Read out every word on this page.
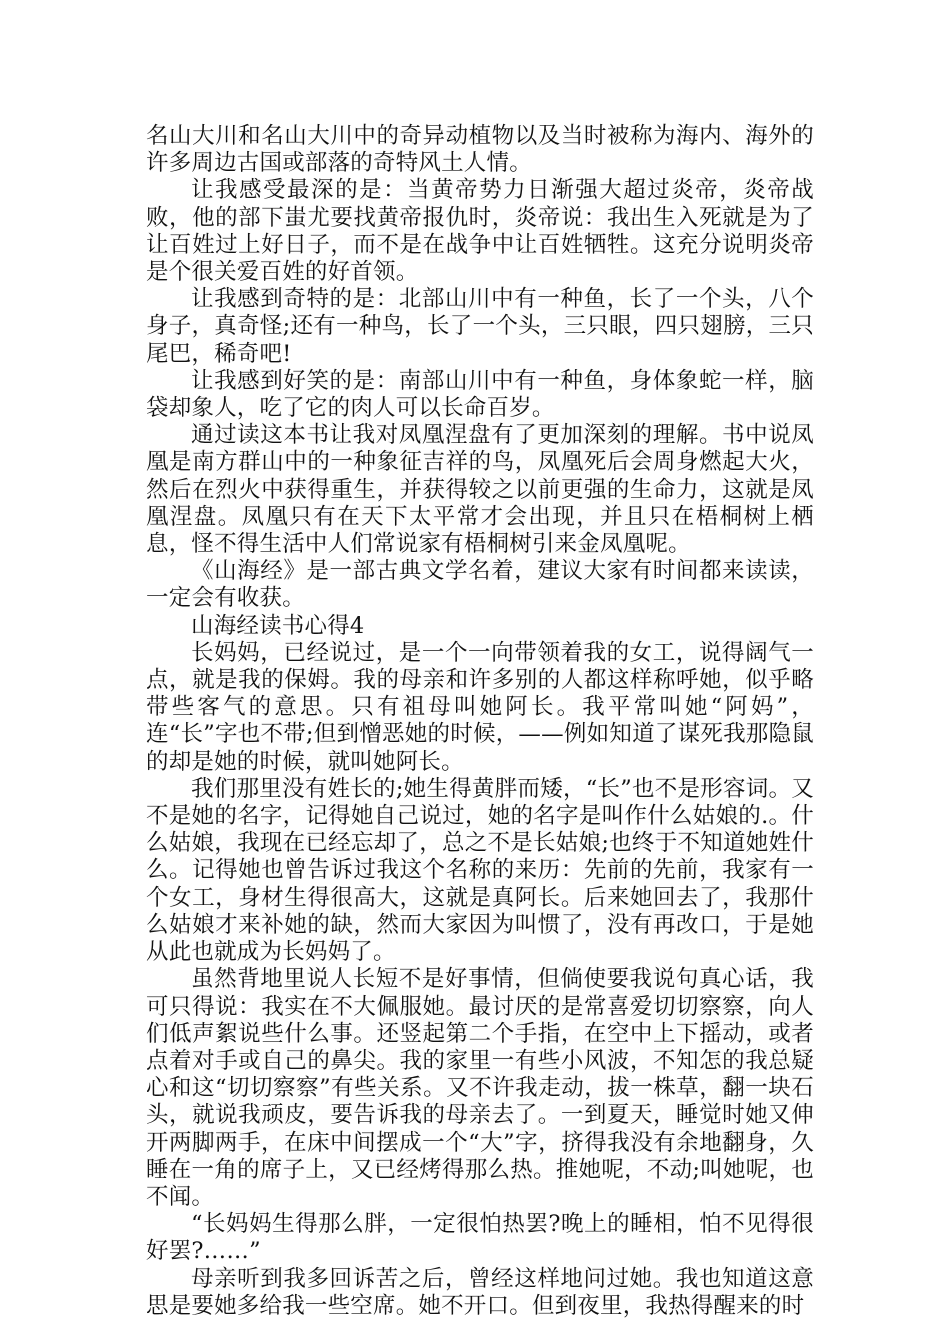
名山大川和名山大川中的奇异动植物以及当时被称为海内、海外的许多周边古国或部落的奇特风土人情。

让我感受最深的是：当黄帝势力日渐强大超过炎帝，炎帝战败，他的部下蚩尤要找黄帝报仇时，炎帝说：我出生入死就是为了让百姓过上好日子，而不是在战争中让百姓牺牲。这充分说明炎帝是个很关爱百姓的好首领。

让我感到奇特的是：北部山川中有一种鱼，长了一个头，八个身子，真奇怪;还有一种鸟，长了一个头，三只眼，四只翅膀，三只尾巴，稀奇吧!

让我感到好笑的是：南部山川中有一种鱼，身体象蛇一样，脑袋却象人，吃了它的肉人可以长命百岁。

通过读这本书让我对凤凰涅盘有了更加深刻的理解。书中说凤凰是南方群山中的一种象征吉祥的鸟，凤凰死后会周身燃起大火，然后在烈火中获得重生，并获得较之以前更强的生命力，这就是凤凰涅盘。凤凰只有在天下太平常才会出现，并且只在梧桐树上栖息，怪不得生活中人们常说家有梧桐树引来金凤凰呢。

《山海经》是一部古典文学名着，建议大家有时间都来读读，一定会有收获。

山海经读书心得4

长妈妈，已经说过，是一个一向带领着我的女工，说得阔气一点，就是我的保姆。我的母亲和许多别的人都这样称呼她，似乎略带些客气的意思。只有祖母叫她阿长。我平常叫她“阿妈”，连“长”字也不带;但到憎恶她的时候，——例如知道了谋死我那隐鼠的却是她的时候，就叫她阿长。

我们那里没有姓长的;她生得黄胖而矮，“长”也不是形容词。又不是她的名字，记得她自己说过，她的名字是叫作什么姑娘的.。什么姑娘，我现在已经忘却了，总之不是长姑娘;也终于不知道她姓什么。记得她也曾告诉过我这个名称的来历：先前的先前，我家有一个女工，身材生得很高大，这就是真阿长。后来她回去了，我那什么姑娘才来补她的缺，然而大家因为叫惯了，没有再改口，于是她从此也就成为长妈妈了。

虽然背地里说人长短不是好事情，但倘使要我说句真心话，我可只得说：我实在不大佩服她。最讨厌的是常喜爱切切察察，向人们低声絮说些什么事。还竖起第二个手指，在空中上下摇动，或者点着对手或自己的鼻尖。我的家里一有些小风波，不知怎的我总疑心和这“切切察察”有些关系。又不许我走动，拔一株草，翻一块石头，就说我顽皮，要告诉我的母亲去了。一到夏天，睡觉时她又伸开两脚两手，在床中间摆成一个“大”字，挤得我没有余地翻身，久睡在一角的席子上，又已经烤得那么热。推她呢，不动;叫她呢，也不闻。

“长妈妈生得那么胖，一定很怕热罢?晚上的睡相，怕不见得很好罢?……”

母亲听到我多回诉苦之后，曾经这样地问过她。我也知道这意思是要她多给我一些空席。她不开口。但到夜里，我热得醒来的时
